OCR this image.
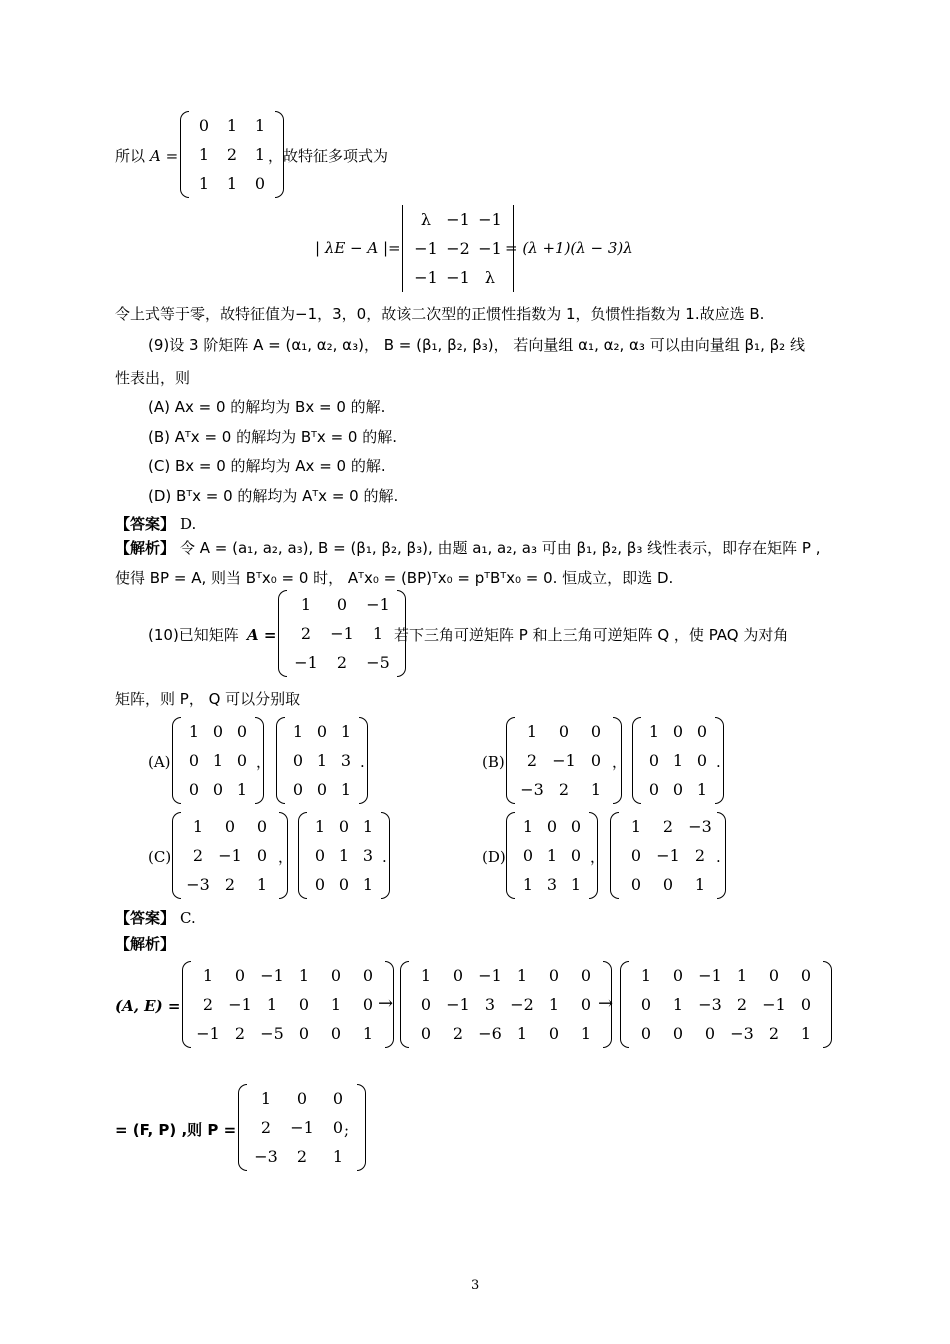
所以 A =
0	1	1
1	2	1
1	1	0
，故特征多项式为
| λE − A |=
λ	−1	−1
−1	−2	−1
−1	−1	λ
= (λ +1)(λ − 3)λ
令上式等于零，故特征值为−1，3，0，故该二次型的正惯性指数为 1，负惯性指数为 1.故应选 B.
(9)设 3 阶矩阵 A = (α₁, α₂, α₃)， B = (β₁, β₂, β₃)， 若向量组 α₁, α₂, α₃ 可以由向量组 β₁, β₂ 线
性表出，则
(A) Ax = 0 的解均为 Bx = 0 的解.
(B) Aᵀx = 0 的解均为 Bᵀx = 0 的解.
(C) Bx = 0 的解均为 Ax = 0 的解.
(D) Bᵀx = 0 的解均为 Aᵀx = 0 的解.
【答案】 D.
【解析】 令 A = (a₁, a₂, a₃), B = (β₁, β₂, β₃), 由题 a₁, a₂, a₃ 可由 β₁, β₂, β₃ 线性表示，即存在矩阵 P ,
使得 BP = A, 则当 Bᵀx₀ = 0 时， Aᵀx₀ = (BP)ᵀx₀ = pᵀBᵀx₀ = 0. 恒成立，即选 D.
(10)已知矩阵 A =
1	0	−1
2	−1	1
−1	2	−5
若下三角可逆矩阵 P 和上三角可逆矩阵 Q ，使 PAQ 为对角
矩阵，则 P， Q 可以分别取
(A)
1	0	0
0	1	0
0	0	1
，
1	0	1
0	1	3
0	0	1
.	(B)
1	0	0
2	−1	0
−3	2	1
，
1	0	0
0	1	0
0	0	1
.
(C)
1	0	0
2	−1	0
−3	2	1
，
1	0	1
0	1	3
0	0	1
.	(D)
1	0	0
0	1	0
1	3	1
，
1	2	−3
0	−1	2
0	0	1
.
【答案】 C.
【解析】
(A, E) =
1	0	−1	1	0	0
2	−1	1	0	1	0
−1	2	−5	0	0	1
→
1	0	−1	1	0	0
0	−1	3	−2	1	0
0	2	−6	1	0	1
→
1	0	−1	1	0	0
0	1	−3	2	−1	0
0	0	0	−3	2	1
= (F, P) ,则 P =
1	0	0
2	−1	0
−3	2	1
;
3
